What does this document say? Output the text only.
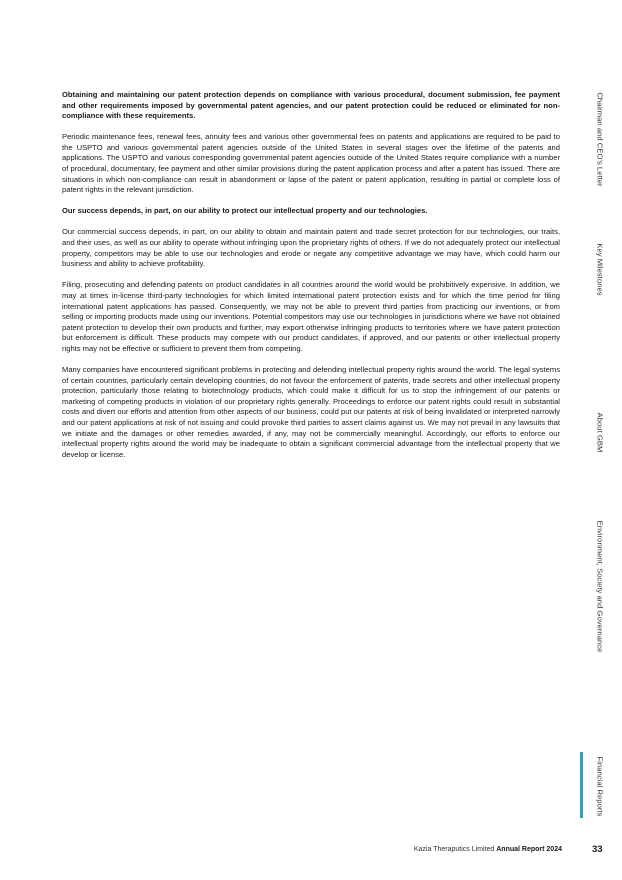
Obtaining and maintaining our patent protection depends on compliance with various procedural, document submission, fee payment and other requirements imposed by governmental patent agencies, and our patent protection could be reduced or eliminated for non-compliance with these requirements.

Periodic maintenance fees, renewal fees, annuity fees and various other governmental fees on patents and applications are required to be paid to the USPTO and various governmental patent agencies outside of the United States in several stages over the lifetime of the patents and applications. The USPTO and various corresponding governmental patent agencies outside of the United States require compliance with a number of procedural, documentary, fee payment and other similar provisions during the patent application process and after a patent has issued. There are situations in which non-compliance can result in abandonment or lapse of the patent or patent application, resulting in partial or complete loss of patent rights in the relevant jurisdiction.

Our success depends, in part, on our ability to protect our intellectual property and our technologies.

Our commercial success depends, in part, on our ability to obtain and maintain patent and trade secret protection for our technologies, our traits, and their uses, as well as our ability to operate without infringing upon the proprietary rights of others. If we do not adequately protect our intellectual property, competitors may be able to use our technologies and erode or negate any competitive advantage we may have, which could harm our business and ability to achieve profitability.

Filing, prosecuting and defending patents on product candidates in all countries around the world would be prohibitively expensive. In addition, we may at times in-license third-party technologies for which limited international patent protection exists and for which the time period for filing international patent applications has passed. Consequently, we may not be able to prevent third parties from practicing our inventions, or from selling or importing products made using our inventions. Potential competitors may use our technologies in jurisdictions where we have not obtained patent protection to develop their own products and further, may export otherwise infringing products to territories where we have patent protection but enforcement is difficult. These products may compete with our product candidates, if approved, and our patents or other intellectual property rights may not be effective or sufficient to prevent them from competing.

Many companies have encountered significant problems in protecting and defending intellectual property rights around the world. The legal systems of certain countries, particularly certain developing countries, do not favour the enforcement of patents, trade secrets and other intellectual property protection, particularly those relating to biotechnology products, which could make it difficult for us to stop the infringement of our patents or marketing of competing products in violation of our proprietary rights generally. Proceedings to enforce our patent rights could result in substantial costs and divert our efforts and attention from other aspects of our business, could put our patents at risk of being invalidated or interpreted narrowly and our patent applications at risk of not issuing and could provoke third parties to assert claims against us. We may not prevail in any lawsuits that we initiate and the damages or other remedies awarded, if any, may not be commercially meaningful. Accordingly, our efforts to enforce our intellectual property rights around the world may be inadequate to obtain a significant commercial advantage from the intellectual property that we develop or license.

Chairman and CEO's Letter
Key Milestones
About GBM
Environment, Society and Governance
Financial Reports
Kazia Theraputics Limited Annual Report 2024	33
